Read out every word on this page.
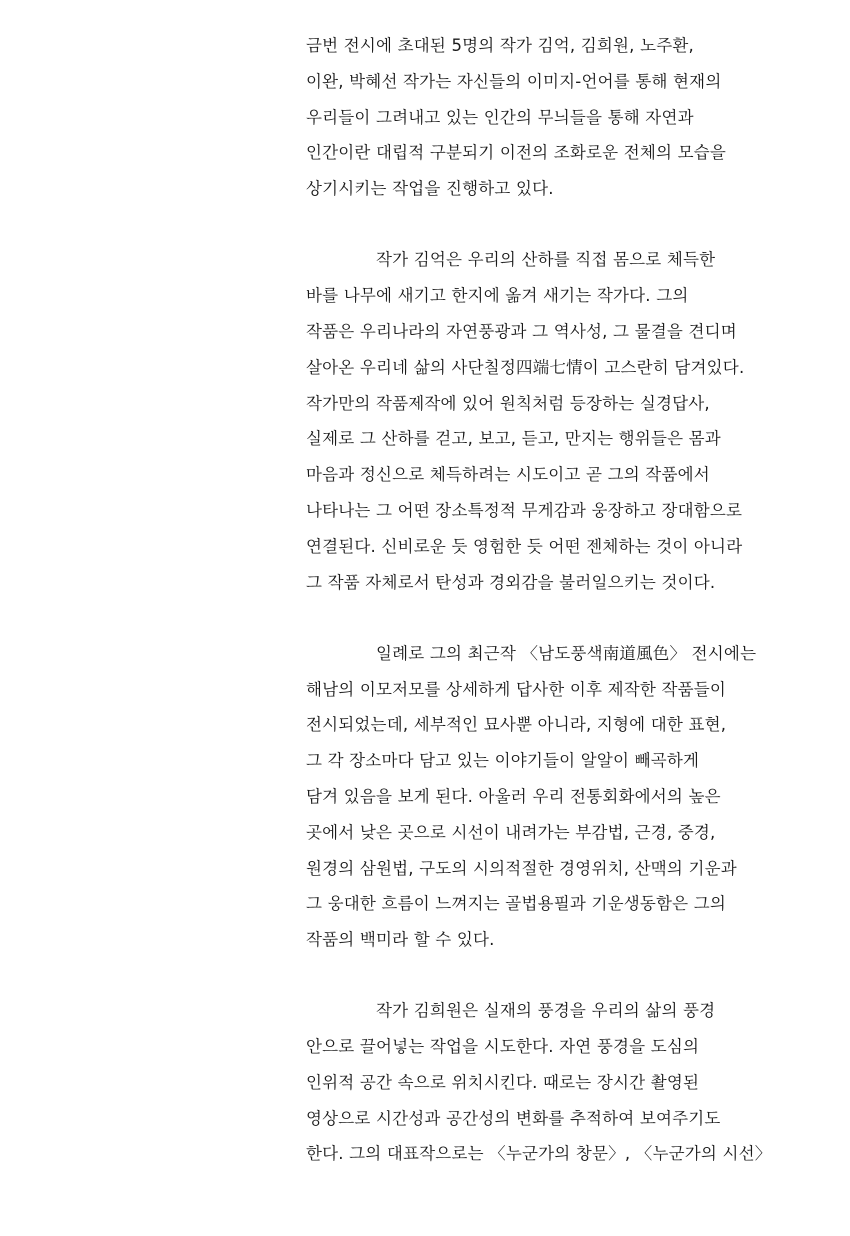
금번 전시에 초대된 5명의 작가 김억, 김희원, 노주환,
이완, 박혜선 작가는 자신들의 이미지-언어를 통해 현재의
우리들이 그려내고 있는 인간의 무늬들을 통해 자연과
인간이란 대립적 구분되기 이전의 조화로운 전체의 모습을
상기시키는 작업을 진행하고 있다.
작가 김억은 우리의 산하를 직접 몸으로 체득한
바를 나무에 새기고 한지에 옮겨 새기는 작가다. 그의
작품은 우리나라의 자연풍광과 그 역사성, 그 물결을 견디며
살아온 우리네 삶의 사단칠정四端七情이 고스란히 담겨있다.
작가만의 작품제작에 있어 원칙처럼 등장하는 실경답사,
실제로 그 산하를 걷고, 보고, 듣고, 만지는 행위들은 몸과
마음과 정신으로 체득하려는 시도이고 곧 그의 작품에서
나타나는 그 어떤 장소특정적 무게감과 웅장하고 장대함으로
연결된다. 신비로운 듯 영험한 듯 어떤 젠체하는 것이 아니라
그 작품 자체로서 탄성과 경외감을 불러일으키는 것이다.
일례로 그의 최근작 〈남도풍색南道風色〉 전시에는
해남의 이모저모를 상세하게 답사한 이후 제작한 작품들이
전시되었는데, 세부적인 묘사뿐 아니라, 지형에 대한 표현,
그 각 장소마다 담고 있는 이야기들이 알알이 빼곡하게
담겨 있음을 보게 된다. 아울러 우리 전통회화에서의 높은
곳에서 낮은 곳으로 시선이 내려가는 부감법, 근경, 중경,
원경의 삼원법, 구도의 시의적절한 경영위치, 산맥의 기운과
그 웅대한 흐름이 느껴지는 골법용필과 기운생동함은 그의
작품의 백미라 할 수 있다.
작가 김희원은 실재의 풍경을 우리의 삶의 풍경
안으로 끌어넣는 작업을 시도한다. 자연 풍경을 도심의
인위적 공간 속으로 위치시킨다. 때로는 장시간 촬영된
영상으로 시간성과 공간성의 변화를 추적하여 보여주기도
한다. 그의 대표작으로는 〈누군가의 창문〉, 〈누군가의 시선〉
